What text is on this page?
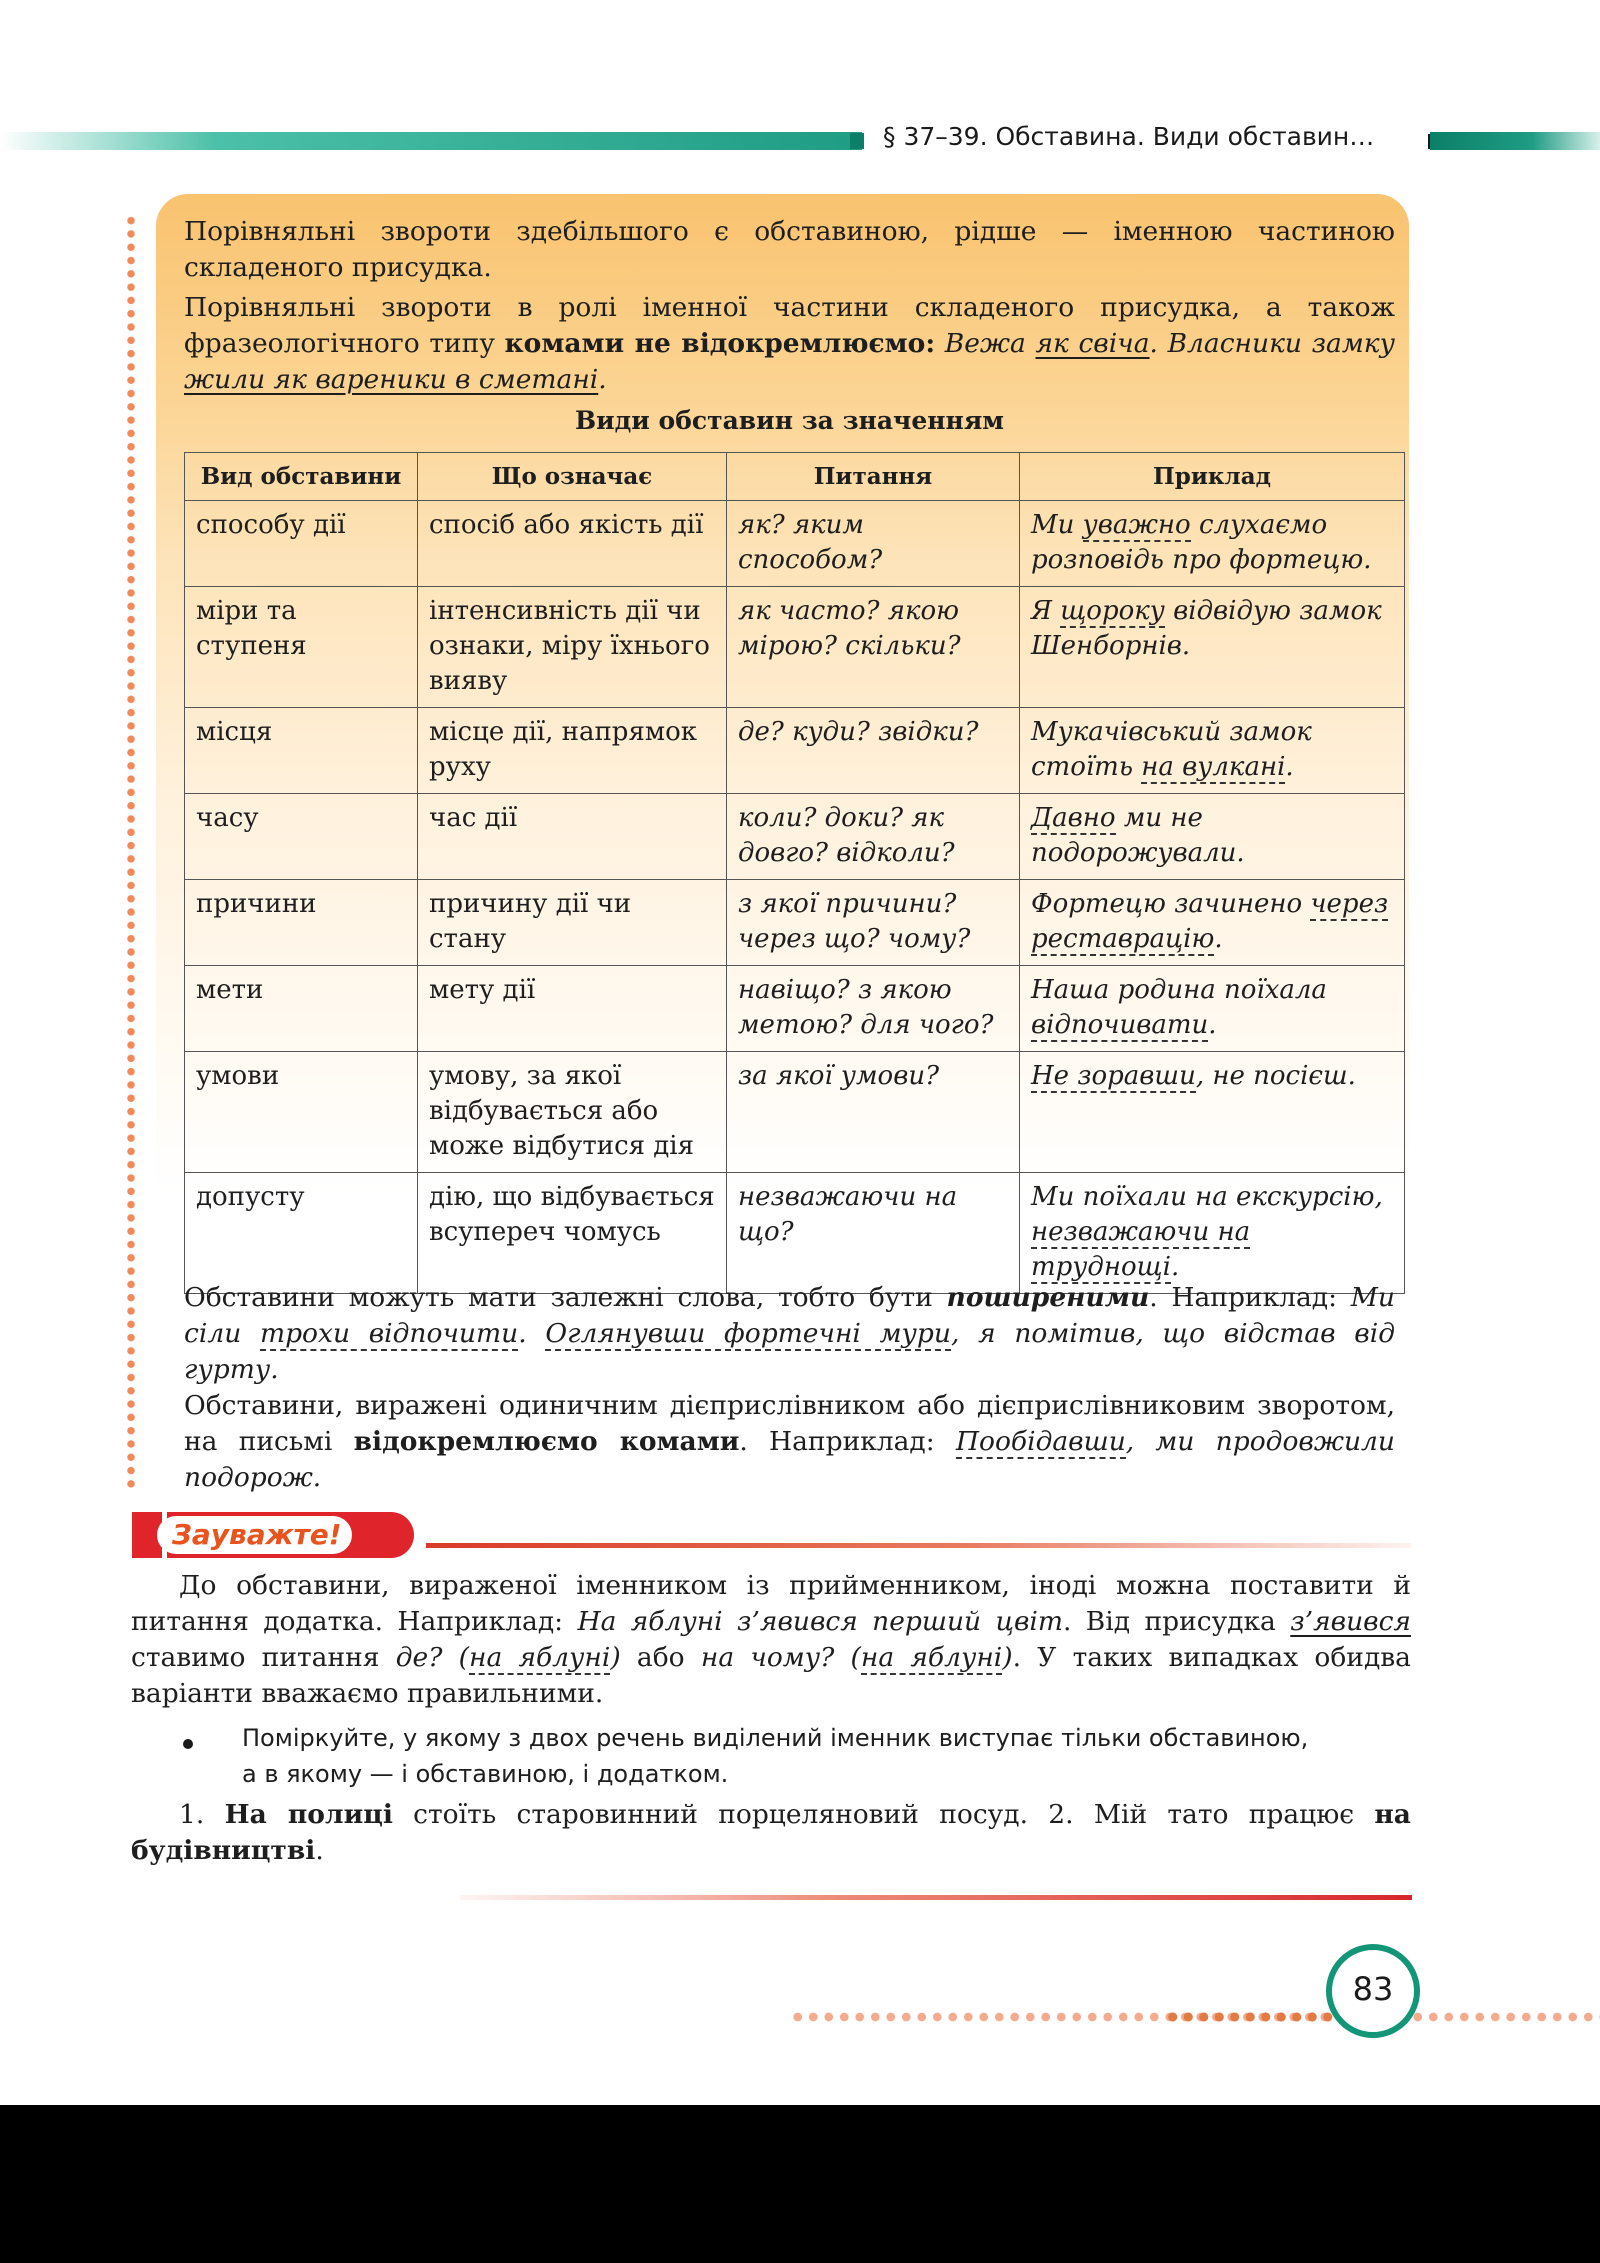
§ 37–39. Обставина. Види обставин…
Порівняльні звороти здебільшого є обставиною, рідше — іменною частиною складеного присудка.
Порівняльні звороти в ролі іменної частини складеного присудка, а також фразеологічного типу комами не відокремлюємо: Вежа як свіча. Власники замку жили як вареники в сметані.
Види обставин за значенням
Вид обставини	Що означає	Питання	Приклад
способу дії	спосіб або якість дії	як? яким способом?	Ми уважно слухаємо розповідь про фортецю.
міри та ступеня	інтенсивність дії чи ознаки, міру їхнього вияву	як часто? якою мірою? скільки?	Я щороку відвідую замок Шенборнів.
місця	місце дії, напрямок руху	де? куди? звідки?	Мукачівський замок стоїть на вулкані.
часу	час дії	коли? доки? як довго? відколи?	Давно ми не подорожували.
причини	причину дії чи стану	з якої причини? через що? чому?	Фортецю зачинено через реставрацію.
мети	мету дії	навіщо? з якою метою? для чого?	Наша родина поїхала відпочивати.
умови	умову, за якої відбувається або може відбутися дія	за якої умови?	Не зоравши, не посієш.
допусту	дію, що відбувається всупереч чомусь	незважаючи на що?	Ми поїхали на екскурсію, незважаючи на труднощі.
Обставини можуть мати залежні слова, тобто бути поширеними. Наприклад: Ми сіли трохи відпочити. Оглянувши фортечні мури, я помітив, що відстав від гурту.
Обставини, виражені одиничним дієприслівником або дієприслівниковим зворотом, на письмі відокремлюємо комами. Наприклад: Пообідавши, ми продовжили подорож.
Зауважте!
До обставини, вираженої іменником із прийменником, іноді можна поставити й питання додатка. Наприклад: На яблуні з’явився перший цвіт. Від присудка з’явився ставимо питання де? (на яблуні) або на чому? (на яблуні). У таких випадках обидва варіанти вважаємо правильними.
Поміркуйте, у якому з двох речень виділений іменник виступає тільки обставиною, а в якому — і обставиною, і додатком.
1. На полиці стоїть старовинний порцеляновий посуд. 2. Мій тато працює на будівництві.
83
